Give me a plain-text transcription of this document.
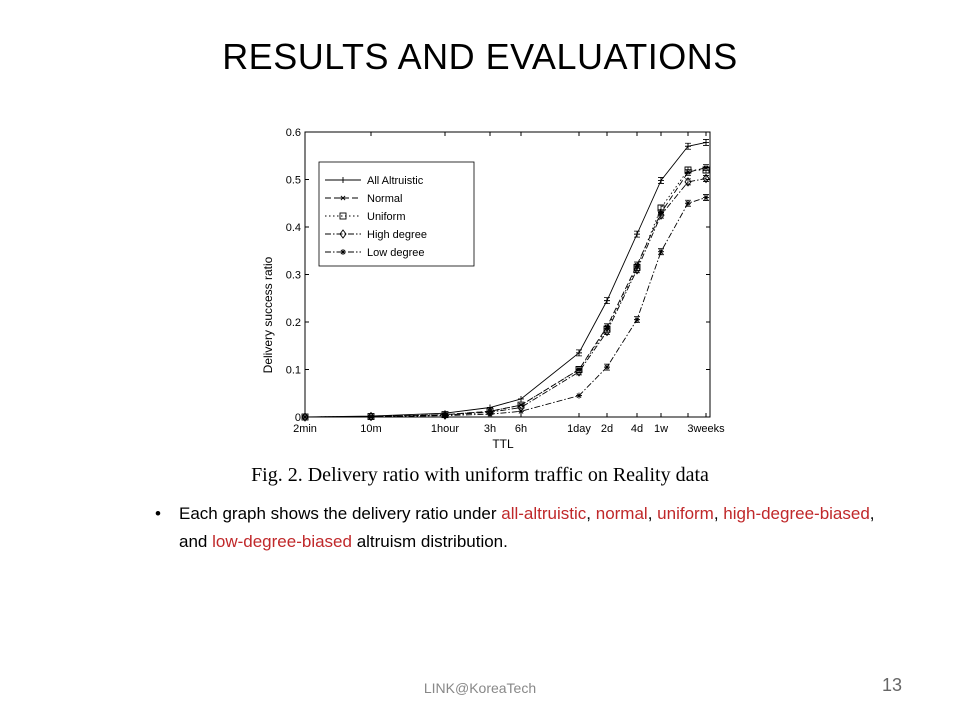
RESULTS AND EVALUATIONS
0
0.1
0.2
0.3
0.4
0.5
0.6
2min	10m	1hour 3h 6h	1day 2d 4d 1w 3weeks
All Altruistic
Normal
Uniform
High degree
Low degree
Delivery success ratio
TTL
Fig. 2. Delivery ratio with uniform traffic on Reality data
• Each graph shows the delivery ratio under all-altruistic, normal, uniform, high-degree-biased, and low-degree-biased altruism distribution.
LINK@KoreaTech	13
